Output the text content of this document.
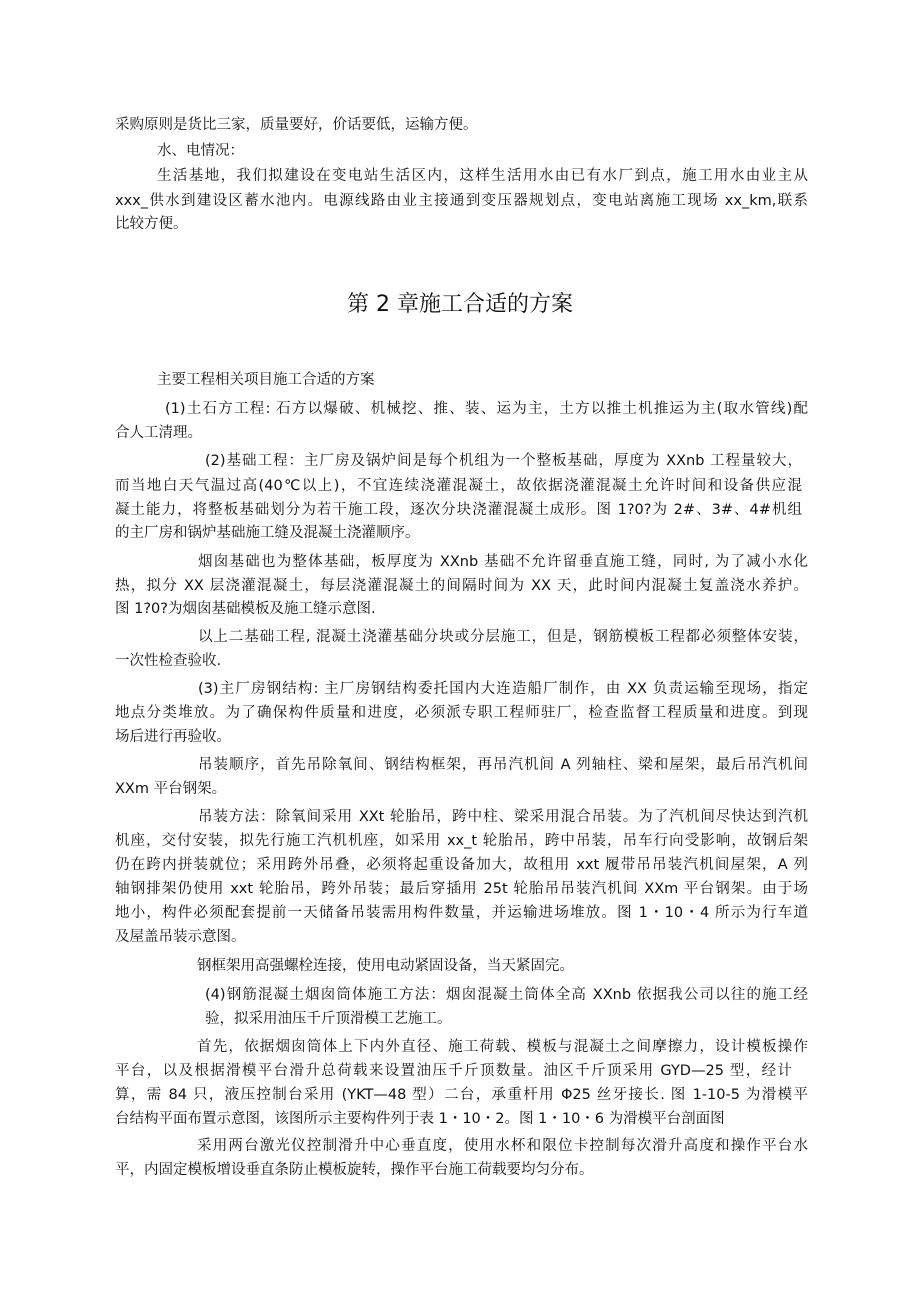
采购原则是货比三家，质量要好，价话要低，运输方便。
水、电情况：
生活基地，我们拟建设在变电站生活区内，这样生活用水由已有水厂到点，施工用水由业主从
xxx_供水到建设区蓄水池内。电源线路由业主接通到变压器规划点，变电站离施工现场 xx_km,联系
比较方便。
第 2 章施工合适的方案
主要工程相关项目施工合适的方案
(1)土石方工程: 石方以爆破、机械挖、推、装、运为主，土方以推土机推运为主(取水管线)配
合人工清理。
(2)基础工程：主厂房及锅炉间是每个机组为一个整板基础，厚度为 XXnb 工程量较大，
而当地白天气温过高(40℃以上)，不宜连续浇灌混凝土，故依据浇灌混凝土允许时间和设备供应混
凝土能力，将整板基础划分为若干施工段，逐次分块浇灌混凝土成形。图 1?0?为 2#、3#、4#机组
的主厂房和锅炉基础施工缝及混凝土浇灌顺序。
烟囱基础也为整体基础，板厚度为 XXnb 基础不允许留垂直施工缝，同时, 为了减小水化
热，拟分 XX 层浇灌混凝土，每层浇灌混凝土的间隔时间为 XX 天，此时间内混凝土复盖浇水养护。
图 1?0?为烟囱基础模板及施工缝示意图.
以上二基础工程, 混凝土浇灌基础分块或分层施工，但是，钢筋模板工程都必须整体安装，
一次性检查验收.
(3)主厂房钢结构: 主厂房钢结构委托国内大连造船厂制作，由 XX 负责运输至现场，指定
地点分类堆放。为了确保构件质量和进度，必须派专职工程师驻厂，检查监督工程质量和进度。到现
场后进行再验收。
吊装顺序，首先吊除氧间、钢结构框架，再吊汽机间 A 列轴柱、梁和屋架，最后吊汽机间
XXm 平台钢架。
吊装方法：除氧间采用 XXt 轮胎吊，跨中柱、梁采用混合吊装。为了汽机间尽快达到汽机
机座，交付安装，拟先行施工汽机机座，如采用 xx_t 轮胎吊，跨中吊装，吊车行向受影响，故钢后架
仍在跨内拼装就位；采用跨外吊叠，必须将起重设备加大，故租用 xxt 履带吊吊装汽机间屋架，A 列
轴钢排架仍使用 xxt 轮胎吊，跨外吊装；最后穿插用 25t 轮胎吊吊装汽机间 XXm 平台钢架。由于场
地小，构件必须配套提前一天储备吊装需用构件数量，并运输进场堆放。图 1・10・4 所示为行车道
及屋盖吊装示意图。
钢框架用高强螺栓连接，使用电动紧固设备，当天紧固完。
(4)钢筋混凝土烟囱筒体施工方法：烟囱混凝土筒体全高 XXnb 依据我公司以往的施工经
验，拟采用油压千斤顶滑模工艺施工。
首先，依据烟囱筒体上下内外直径、施工荷载、模板与混凝土之间摩擦力，设计模板操作
平台，以及根据滑模平台滑升总荷载来设置油压千斤顶数量。油区千斤顶采用 GYD—25 型，经计
算，需 84 只，液压控制台采用 (YKT—48 型）二台，承重杆用 Φ25 丝牙接长. 图 1-10-5 为滑模平
台结构平面布置示意图，该图所示主要构件列于表 1・10・2。图 1・10・6 为滑模平台剖面图
采用两台激光仪控制滑升中心垂直度，使用水杯和限位卡控制每次滑升高度和操作平台水
平，内固定模板增设垂直条防止模板旋转，操作平台施工荷载要均匀分布。
